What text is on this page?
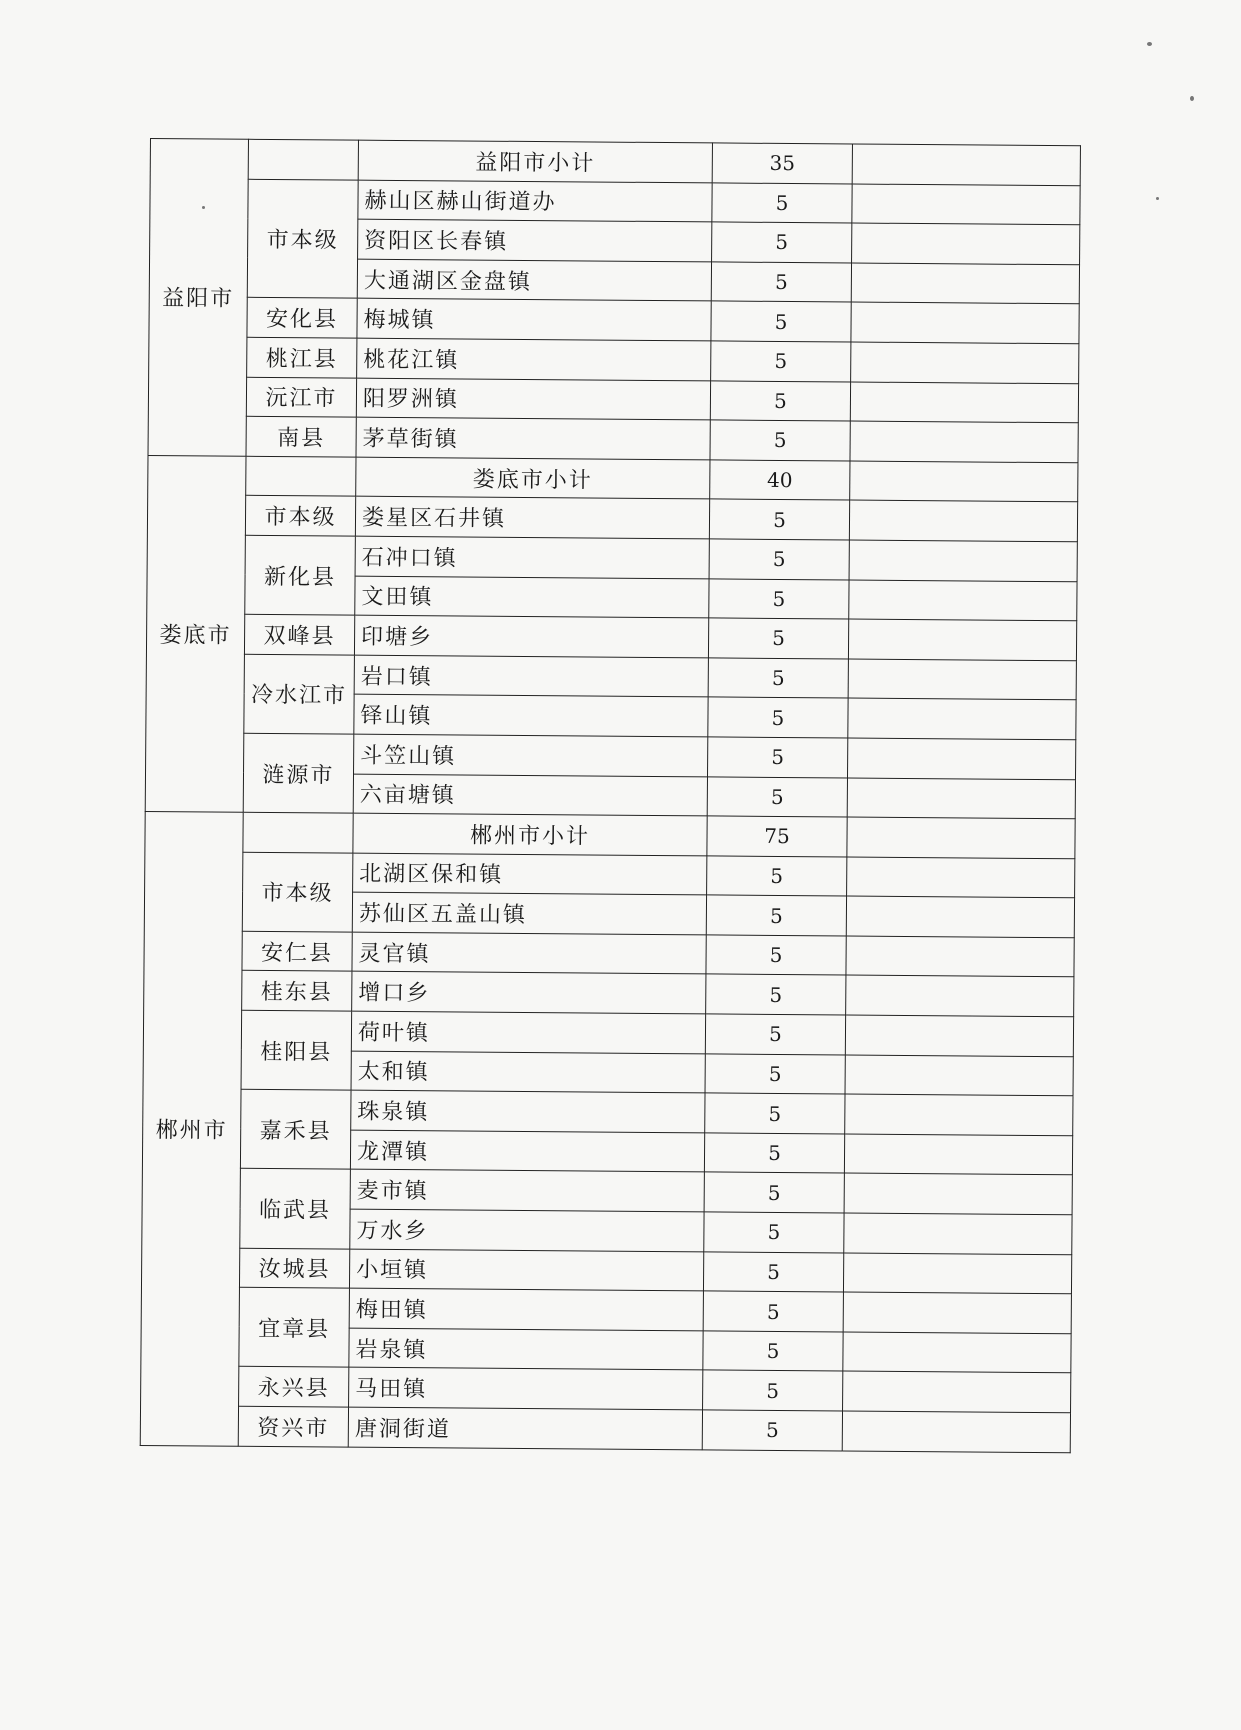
益阳市		益阳市小计	35	
	市本级	赫山区赫山街道办	5	
		资阳区长春镇	5	
		大通湖区金盘镇	5	
	安化县	梅城镇	5	
	桃江县	桃花江镇	5	
	沅江市	阳罗洲镇	5	
	南县	茅草街镇	5	
娄底市		娄底市小计	40	
	市本级	娄星区石井镇	5	
	新化县	石冲口镇	5	
		文田镇	5	
	双峰县	印塘乡	5	
	冷水江市	岩口镇	5	
		铎山镇	5	
	涟源市	斗笠山镇	5	
		六亩塘镇	5	
郴州市		郴州市小计	75	
	市本级	北湖区保和镇	5	
		苏仙区五盖山镇	5	
	安仁县	灵官镇	5	
	桂东县	增口乡	5	
	桂阳县	荷叶镇	5	
		太和镇	5	
	嘉禾县	珠泉镇	5	
		龙潭镇	5	
	临武县	麦市镇	5	
		万水乡	5	
	汝城县	小垣镇	5	
	宜章县	梅田镇	5	
		岩泉镇	5	
	永兴县	马田镇	5	
	资兴市	唐洞街道	5	
